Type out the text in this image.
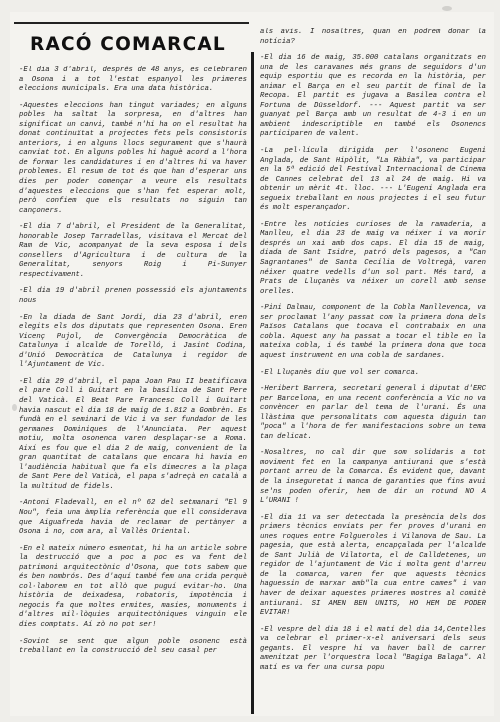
RACÓ COMARCAL

-El dia 3 d'abril, després de 48 anys, es celebraren a Osona i a tot l'estat espanyol les primeres eleccions municipals. Era una data històrica.

-Aquestes eleccions han tingut variades; en alguns pobles ha saltat la sorpresa, en d'altres han significat un canvi, també n'hi ha on el resultat ha donat continuïtat a projectes fets pels consistoris anteriors, i en alguns llocs segurament que s'haurà canviat tot. En alguns pobles hi haguè acord a l'hora de formar les candidatures i en d'altres hi va haver problemes. El resum de tot és que han d'esperar uns dies per poder començar a veure els resultats d'aquestes eleccions que s'han fet esperar molt, però confiem que els resultats no siguin tan cançoners.

-El dia 7 d'abril, el President de la Generalitat, honorable Josep Tarradellas, visitava el Mercat del Ram de Vic, acompanyat de la seva esposa i dels consellers d'Agricultura i de cultura de la Generalitat, senyors Roig i Pi-Sunyer respectivament.

-El dia 19 d'abril prenen possessió els ajuntaments nous

-En la diada de Sant Jordi, dia 23 d'abril, eren elegits els dos diputats que representen Osona. Eren Vicenç Pujol, de Convergència Democràtica de Catalunya i alcalde de Torelló, i Jasint Codina, d'Unió Democràtica de Catalunya i regidor de l'Ajuntament de Vic.

-El dia 29 d'abril, el papa Joan Pau II beatificava el pare Coll i Guitart en la basílica de Sant Pere del Vaticà. El Beat Pare Francesc Coll i Guitart havia nascut el dia 18 de maig de 1.812 a Gombrèn. Es fundà en el seminari de Vic i va ser fundador de les germanes Dominiques de l'Anunciata. Per aquest motiu, molta osonenca varen desplaçar-se a Roma. Així es fou que el dia 2 de maig, convenient de la gran quantitat de catalans que encara hi havia en l'audiència habitual que fa els dimecres a la plaça de Sant Pere del Vaticà, el papa s'adreçà en català a la multitud de fidels.

-Antoni Fladevall, en el nº 62 del setmanari "El 9 Nou", feia una àmplia referència que ell considerava que Aiguafreda havia de reclamar de pertànyer a Osona i no, com ara, al Vallès Oriental.

-En el mateix número esmentat, hi ha un article sobre la destrucció que a poc a poc es va fent del patrimoni arquitectònic d'Osona, que tots sabem que és ben nombrós. Des d'aquí també fem una crida perquè col·laborem en tot allò que puguí evitar-ho. Una història de deixadesa, robatoris, impotència i negocis fa que moltes ermites, masies, monuments i d'altres mil·lòquies arquitectòniques vinguin ele dies comptats. Aí zò no pot ser!

-Sovint se sent que algun poble osonenc està treballant en la construcció del seu casal per

als avis. I nosaltres, quan en podrem donar la notícia?

-El dia 16 de maig, 35.000 catalans organitzats en una de les caravanes més grans de seguidors d'un equip esportiu que es recorda en la història, per animar el Barça en el seu partit de final de la Recopa. El partit es jugava a Basilea contra el Fortuna de Düsseldorf. --- Aquest partit va ser guanyat pel Barça amb un resultat de 4-3 i en un ambient indescriptible en també els Osonencs participaren de valent.

-La pel·lícula dirigida per l'osonenc Eugeni Anglada, de Sant Hipòlit, "La Ràbia", va participar en la 5ª edició del Festival Internacional de Cinema de Cannes celebrat del 13 al 24 de maig. Hi va obtenir un mèrit 4t. lloc. --- L'Eugeni Anglada era segueix treballant en nous projectes i el seu futur és molt esperançador.

-Entre les notícies curioses de la ramaderia, a Manlleu, el dia 23 de maig va néixer i va morir després un xai amb dos caps. El dia 15 de maig, diada de Sant Isidre, patró dels pagesos, a "Can Sagrantanes" de Santa Cecília de Voltregà, varen néixer quatre vedells d'un sol part. Més tard, a Prats de Lluçanès va néixer un corell amb sense orelles.

-Pini Dalmau, component de la Cobla Manllevenca, va ser proclamat l'any passat com la primera dona dels Països Catalans que tocava el contrabaix en una cobla. Aquest any ha passat a tocar el tible en la mateixa cobla, i és també la primera dona que toca aquest instrument en una cobla de sardanes.

-El Lluçanès diu que vol ser comarca.

-Heribert Barrera, secretari general i diputat d'ERC per Barcelona, en una recent conferència a Vic no va convèncer en parlar del tema de l'urani. És una llàstima que personalitats com aquesta diguin tan "poca" a l'hora de fer manifestacions sobre un tema tan delicat.

-Nosaltres, no cal dir que som solidaris a tot moviment fet en la campanya antiurani que s'està portant arreu de la Comarca. És evident que, davant de la inseguretat i manca de garanties que fins avui se'ns poden oferir, hem de dir un rotund NO A L'URANI !

-El dia 11 va ser detectada la presència dels dos primers tècnics enviats per fer proves d'urani en unes roques entre Folgueroles i Vilanova de Sau. La pagesia, que està alerta, encapçalada per l'alcalde de Sant Julià de Vilatorta, el de Calldetenes, un regidor de l'ajuntament de Vic i molta gent d'arreu de la comarca, varen fer que aquests tècnics haguessin de marxar amb"la cua entre cames" i van haver de deixar aquestes primeres mostres al comitè antiurani. SI AMEN BEN UNITS, HO HEM DE PODER EVITAR!

-El vespre del dia 18 i el matí del dia 14,Centelles va celebrar el primer-x-el aniversari dels seus gegants. El vespre hi va haver ball de carrer amenitzat per l'orquestra local "Bagiga Balaga". Al matí es va fer una cursa popu
